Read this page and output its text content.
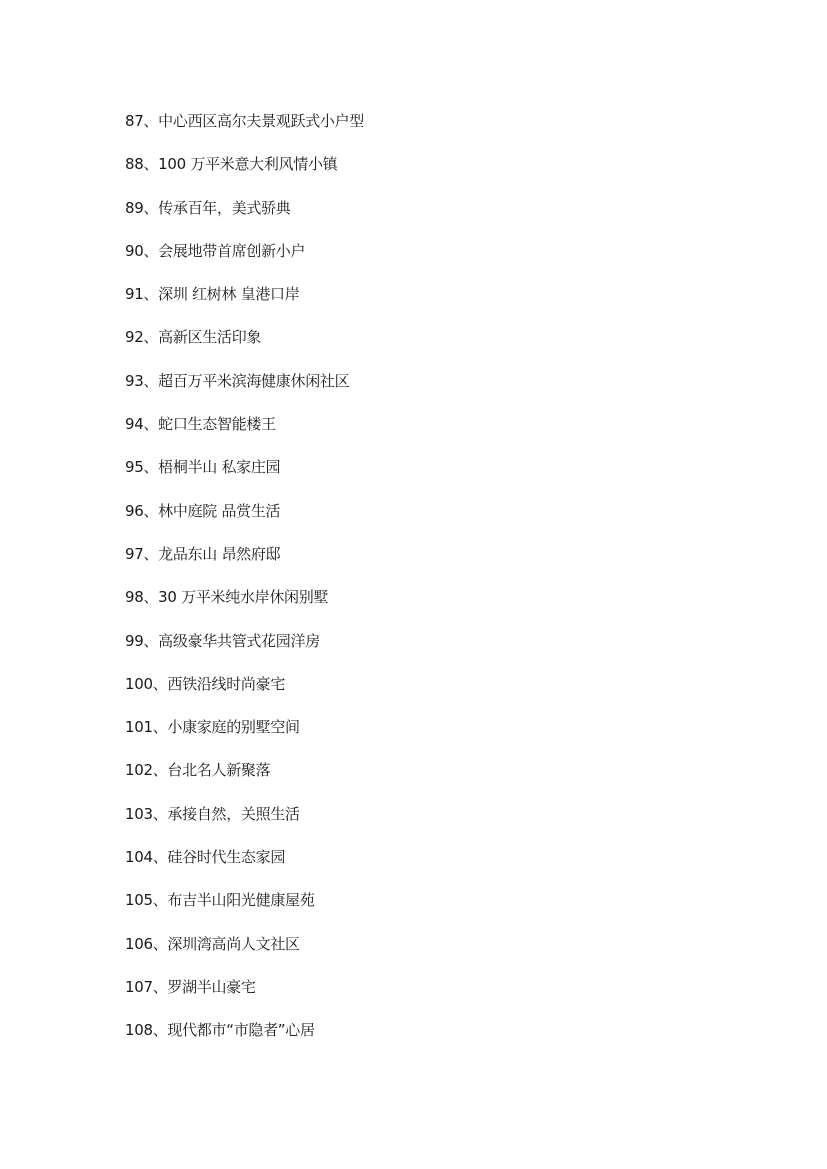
87、中心西区高尔夫景观跃式小户型
88、100 万平米意大利风情小镇
89、传承百年，美式骄典
90、会展地带首席创新小户
91、深圳 红树林 皇港口岸
92、高新区生活印象
93、超百万平米滨海健康休闲社区
94、蛇口生态智能楼王
95、梧桐半山 私家庄园
96、林中庭院 品赏生活
97、龙品东山 昂然府邸
98、30 万平米纯水岸休闲别墅
99、高级豪华共管式花园洋房
100、西铁沿线时尚豪宅
101、小康家庭的别墅空间
102、台北名人新聚落
103、承接自然，关照生活
104、硅谷时代生态家园
105、布吉半山阳光健康屋苑
106、深圳湾高尚人文社区
107、罗湖半山豪宅
108、现代都市“市隐者”心居
